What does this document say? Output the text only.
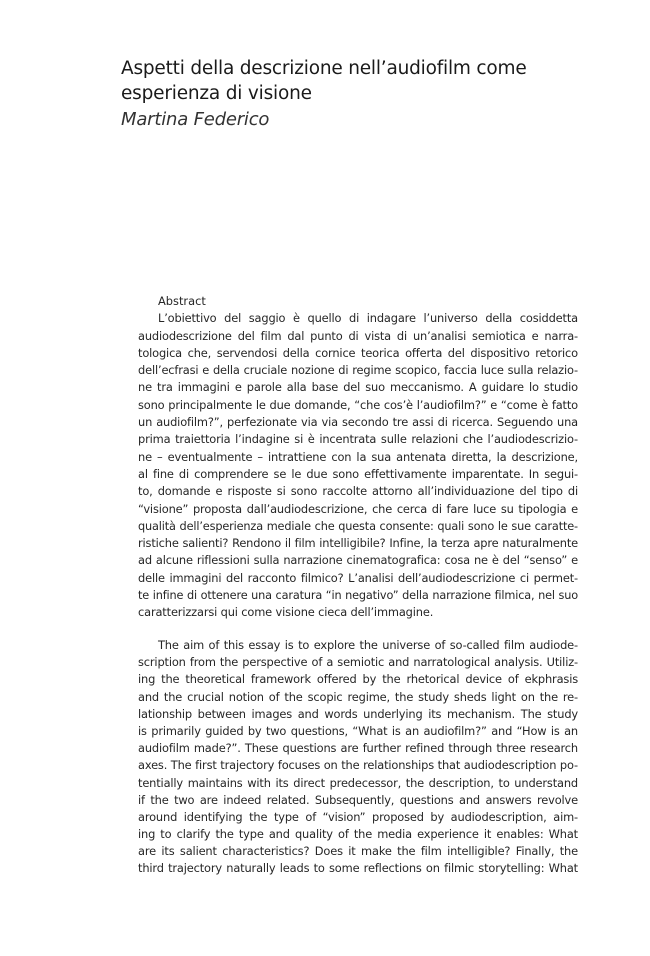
Aspetti della descrizione nell’audiofilm come
esperienza di visione

Martina Federico

Abstract
L’obiettivo del saggio è quello di indagare l’universo della cosiddetta
audiodescrizione del film dal punto di vista di un’analisi semiotica e narra-
tologica che, servendosi della cornice teorica offerta del dispositivo retorico
dell’ecfrasi e della cruciale nozione di regime scopico, faccia luce sulla relazio-
ne tra immagini e parole alla base del suo meccanismo. A guidare lo studio
sono principalmente le due domande, “che cos’è l’audiofilm?” e “come è fatto
un audiofilm?”, perfezionate via via secondo tre assi di ricerca. Seguendo una
prima traiettoria l’indagine si è incentrata sulle relazioni che l’audiodescrizio-
ne – eventualmente – intrattiene con la sua antenata diretta, la descrizione,
al fine di comprendere se le due sono effettivamente imparentate. In segui-
to, domande e risposte si sono raccolte attorno all’individuazione del tipo di
“visione” proposta dall’audiodescrizione, che cerca di fare luce su tipologia e
qualità dell’esperienza mediale che questa consente: quali sono le sue caratte-
ristiche salienti? Rendono il film intelligibile? Infine, la terza apre naturalmente
ad alcune riflessioni sulla narrazione cinematografica: cosa ne è del “senso” e
delle immagini del racconto filmico? L’analisi dell’audiodescrizione ci permet-
te infine di ottenere una caratura “in negativo” della narrazione filmica, nel suo
caratterizzarsi qui come visione cieca dell’immagine.
The aim of this essay is to explore the universe of so-called film audiode-
scription from the perspective of a semiotic and narratological analysis. Utiliz-
ing the theoretical framework offered by the rhetorical device of ekphrasis
and the crucial notion of the scopic regime, the study sheds light on the re-
lationship between images and words underlying its mechanism. The study
is primarily guided by two questions, “What is an audiofilm?” and “How is an
audiofilm made?”. These questions are further refined through three research
axes. The first trajectory focuses on the relationships that audiodescription po-
tentially maintains with its direct predecessor, the description, to understand
if the two are indeed related. Subsequently, questions and answers revolve
around identifying the type of “vision” proposed by audiodescription, aim-
ing to clarify the type and quality of the media experience it enables: What
are its salient characteristics? Does it make the film intelligible? Finally, the
third trajectory naturally leads to some reflections on filmic storytelling: What
